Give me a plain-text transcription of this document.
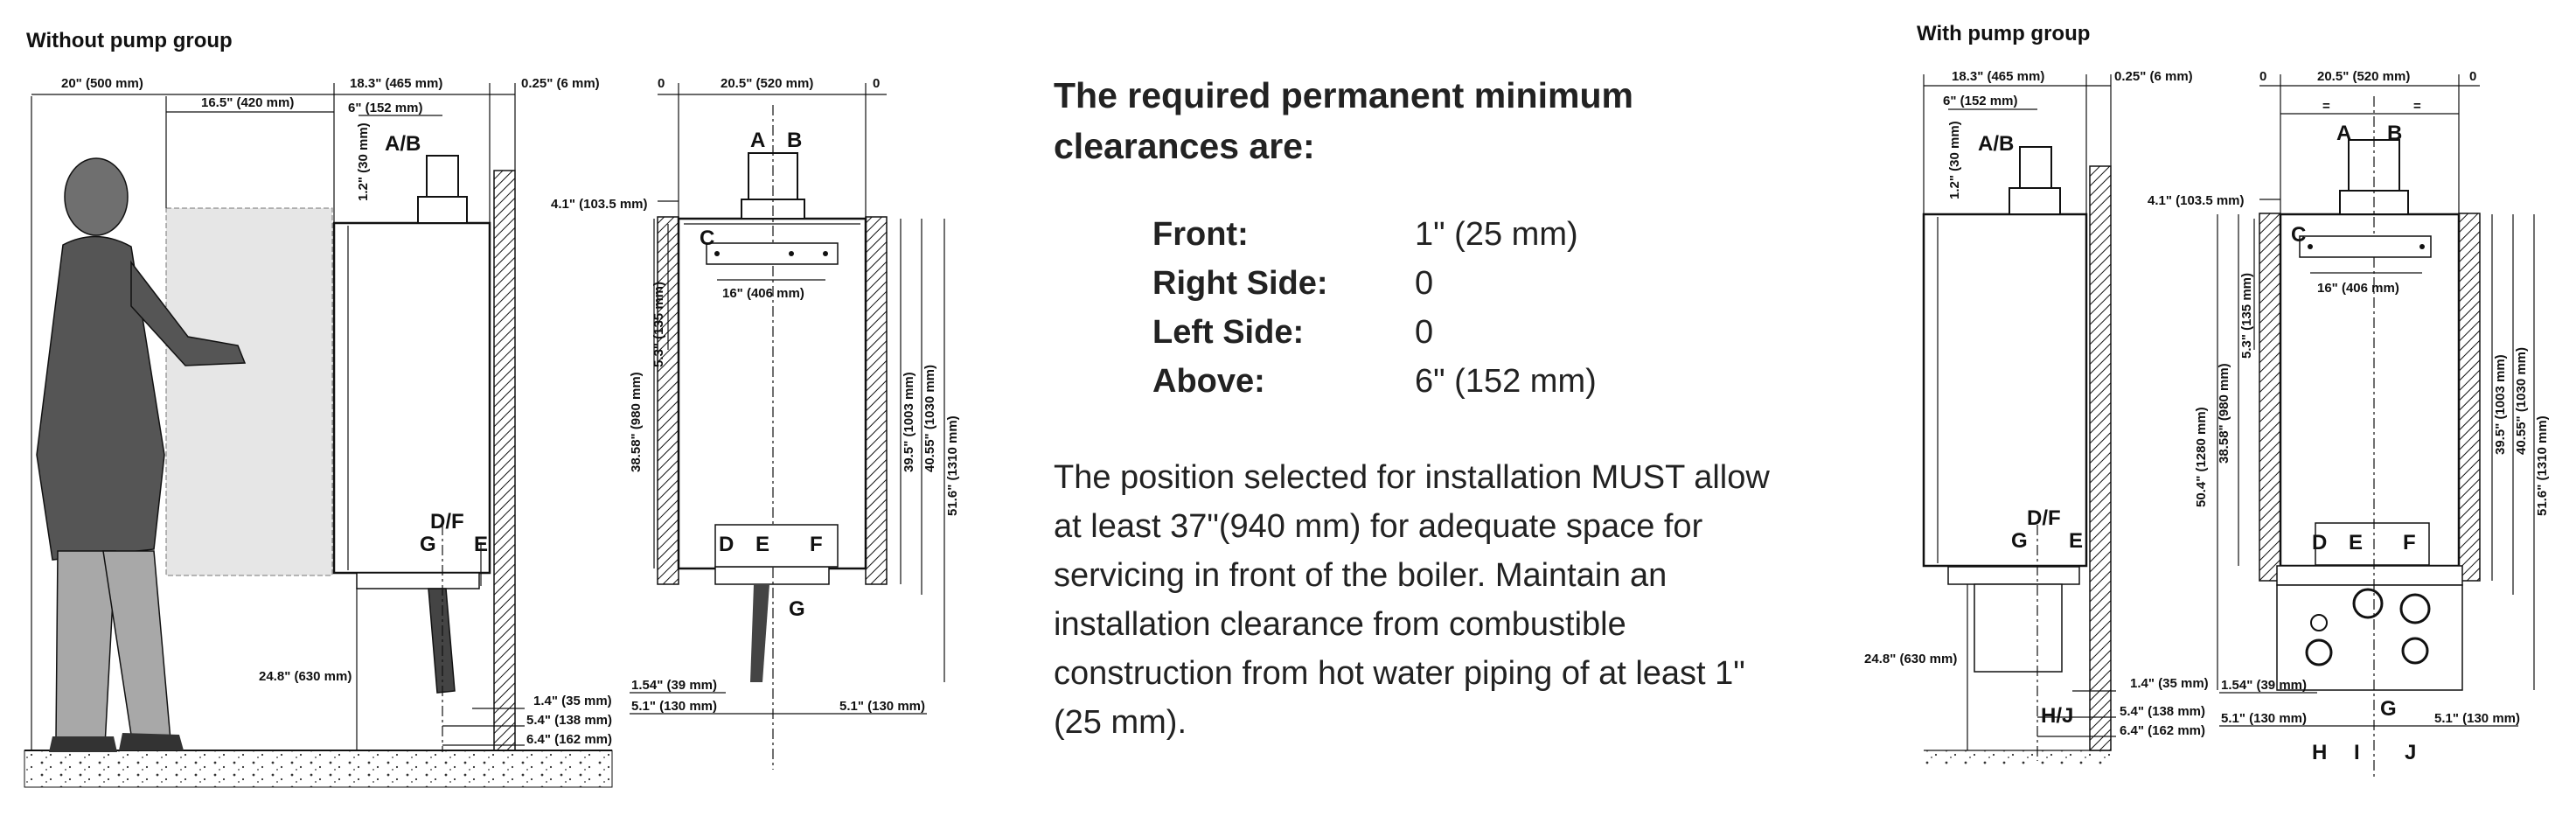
Without pump group
20" (500 mm)
16.5" (420 mm)
18.3" (465 mm)	0.25" (6 mm)
6" (152 mm)
1.2" (30 mm) A/B
D/F
G E
24.8" (630 mm)
1.4" (35 mm)
5.4" (138 mm)
6.4" (162 mm)
0	20.5" (520 mm)	0
4.1" (103.5 mm)
16" (406 mm)
38.58" (980 mm)
5.3" (135 mm)
39.5" (1003 mm) 40.55" (1030 mm) 51.6" (1310 mm)
A B
C
D E F
G
1.54" (39 mm)
5.1" (130 mm)	5.1" (130 mm)
With pump group
18.3" (465 mm)	0.25" (6 mm)
6" (152 mm)
1.2" (30 mm) A/B
D/F
G E
H/J
24.8" (630 mm)
1.4" (35 mm)
5.4" (138 mm)
6.4" (162 mm)
0	20.5" (520 mm)	0
=	=
4.1" (103.5 mm)
16" (406 mm)
50.4" (1280 mm) 38.58" (980 mm)
5.3" (135 mm)
39.5" (1003 mm) 40.55" (1030 mm)
51.6" (1310 mm)
A B
C
D E F
G
H I J
1.54" (39 mm)
5.1" (130 mm)	5.1" (130 mm)
The required permanent minimum clearances are:
Front:	1" (25 mm)
Right Side:	0
Left Side:	0
Above:	6" (152 mm)
The position selected for installation MUST allow at least 37"(940 mm) for adequate space for servicing in front of the boiler. Maintain an installation clearance from combustible construction from hot water piping of at least 1" (25 mm).
